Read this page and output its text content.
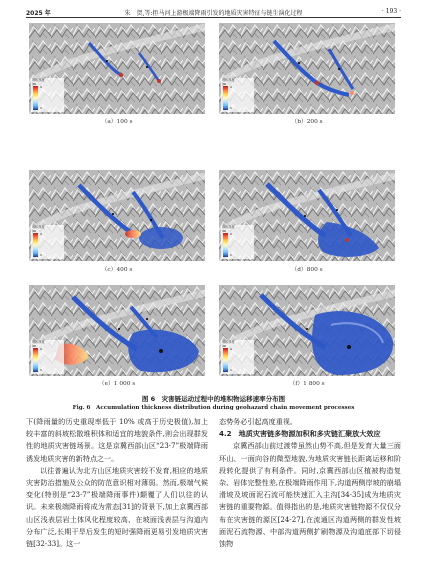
2025 年	朱　贺,等:拒马河上游极端降雨引发的地质灾害特征与链生演化过程	· 193 ·
堆积厚度
/m
9
0
（a）100 s
堆积厚度
/m
9
0
（b）200 s
堆积厚度
/m
9
0
（c）400 s
堆积厚度
/m
9
0
（d）800 s
堆积厚度
/m
9
0
（e）1 000 s
堆积厚度
/m
9
0
（f）1 800 s
图 6　灾害链运动过程中的堆积物运移速率分布图
Fig. 6　Accumulation thickness distribution during geohazard chain movement processes

下(降雨量的历史重现率低于 10% 或高于历史极值),加上较丰富的斜坡松散堆积体和适宜的地貌条件,则会出现群发性的地质灾害链场景。这是京冀西部山区“23·7”极端降雨诱发地质灾害的新特点之一。

以往普遍认为北方山区地质灾害较不发育,相应的地质灾害防治措施及公众的防范意识相对薄弱。然而,极端气候变化(特别是“23·7”极端降雨事件)颠覆了人们以往的认识。未来极端降雨将成为常态[31]的背景下,加上京冀西部山区浅表层岩土体风化程度较高、在坡面浅表层与沟道内分布广泛,长期干旱后发生的短时强降雨更易引发地质灾害链[32-33]。这一

态势务必引起高度重视。

4.2　地质灾害链多物源加积和多灾链汇聚放大效应

京冀西部山前过渡带虽然山势不高,但是发育大量三面环山、一面向谷的微型地貌,为地质灾害链长距离运移和阶段转化提供了有利条件。同时,京冀西部山区植被构造复杂、岩体完整性差,在极端降雨作用下,沟道两侧岸坡的崩塌滑坡及坡面泥石流可能快速汇入主沟[34-35]成为地质灾害链的重要物源。值得指出的是,地质灾害链物源不仅仅分布在灾害链的源区[24-27],在流通区沟道两侧的群发性坡面泥石流物源、中部沟道两侧扩刷物源及沟道底部下切侵蚀物
